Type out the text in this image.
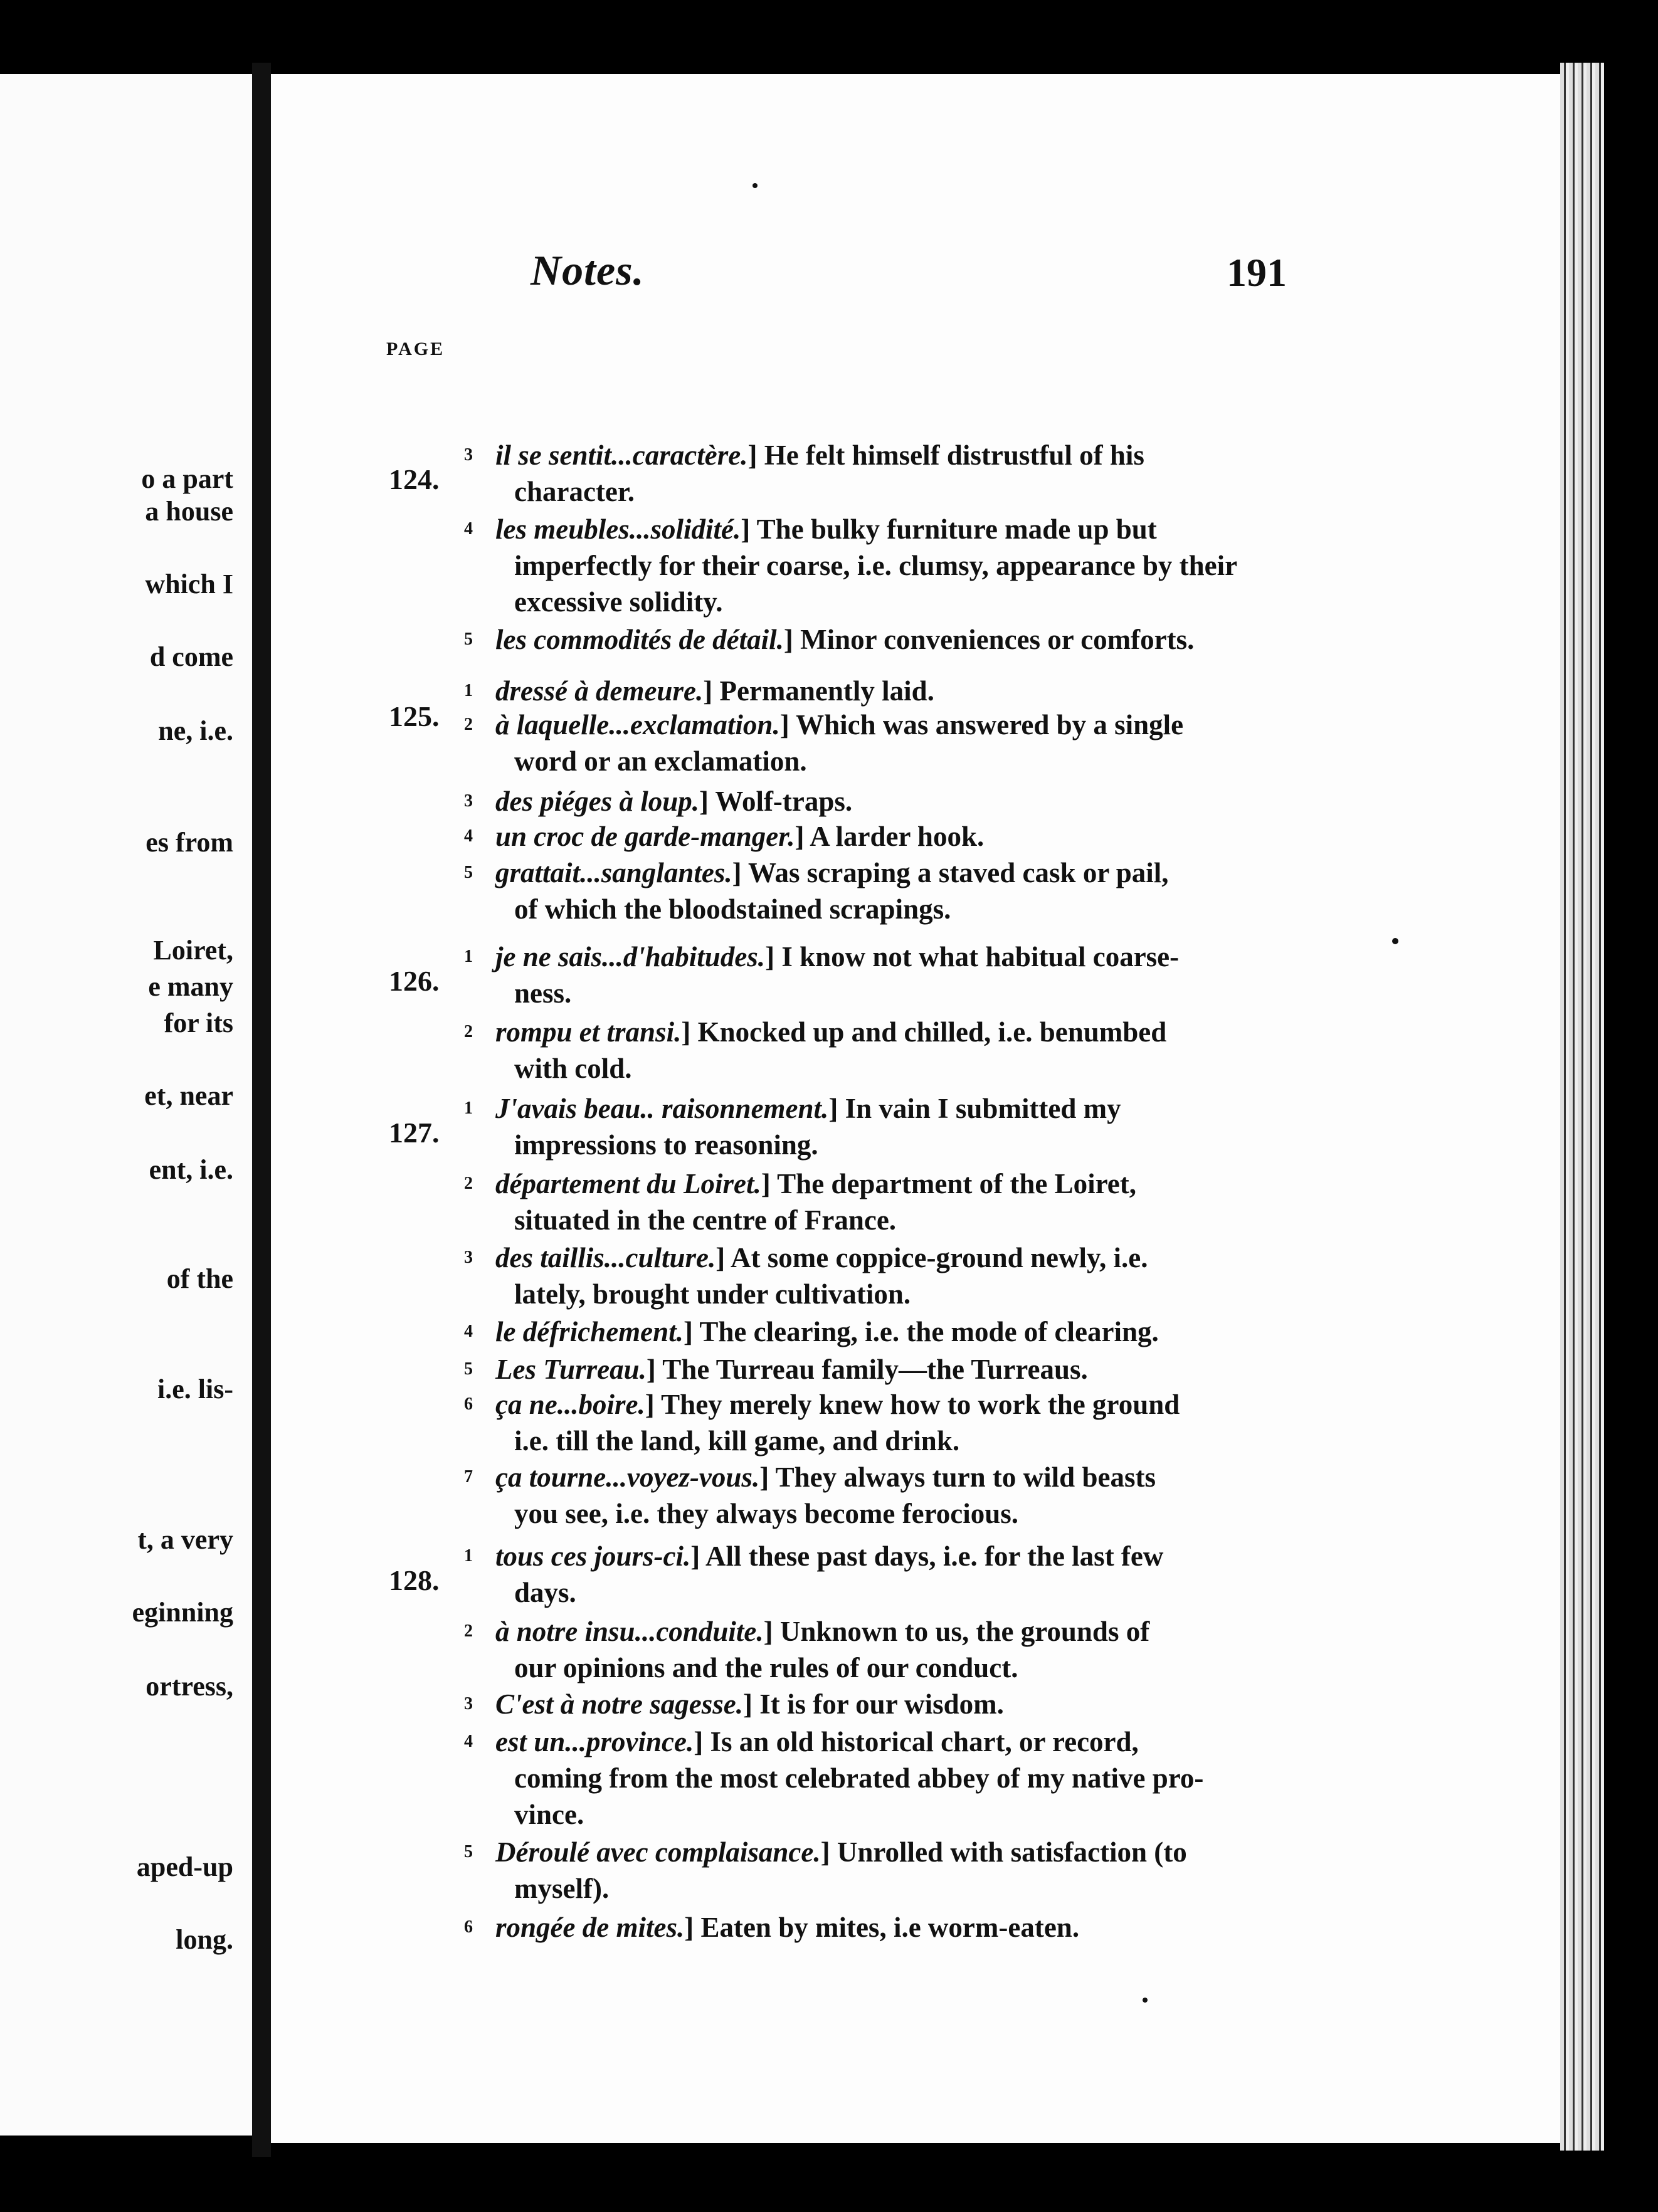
o a part
a house
which I
d come
ne, i.e.
es from
Loiret,
e many
for its
et, near
ent, i.e.
of the
i.e. lis-
t, a very
eginning
ortress,
aped-up
long.
Notes.	191
PAGE
124.
3 il se sentit...caractère.] He felt himself distrustful of his
character.
4 les meubles...solidité.] The bulky furniture made up but
imperfectly for their coarse, i.e. clumsy, appearance by their
excessive solidity.
5 les commodités de détail.] Minor conveniences or comforts.
125.
1 dressé à demeure.] Permanently laid.
2 à laquelle...exclamation.] Which was answered by a single
word or an exclamation.
3 des piéges à loup.] Wolf-traps.
4 un croc de garde-manger.] A larder hook.
5 grattait...sanglantes.] Was scraping a staved cask or pail,
of which the bloodstained scrapings.
126.
1 je ne sais...d'habitudes.] I know not what habitual coarse-
ness.
2 rompu et transi.] Knocked up and chilled, i.e. benumbed
with cold.
127.
1 J'avais beau.. raisonnement.] In vain I submitted my
impressions to reasoning.
2 département du Loiret.] The department of the Loiret,
situated in the centre of France.
3 des taillis...culture.] At some coppice-ground newly, i.e.
lately, brought under cultivation.
4 le défrichement.] The clearing, i.e. the mode of clearing.
5 Les Turreau.] The Turreau family—the Turreaus.
6 ça ne...boire.] They merely knew how to work the ground
i.e. till the land, kill game, and drink.
7 ça tourne...voyez-vous.] They always turn to wild beasts
you see, i.e. they always become ferocious.
128.
1 tous ces jours-ci.] All these past days, i.e. for the last few
days.
2 à notre insu...conduite.] Unknown to us, the grounds of
our opinions and the rules of our conduct.
3 C'est à notre sagesse.] It is for our wisdom.
4 est un...province.] Is an old historical chart, or record,
coming from the most celebrated abbey of my native pro-
vince.
5 Déroulé avec complaisance.] Unrolled with satisfaction (to
myself).
6 rongée de mites.] Eaten by mites, i.e worm-eaten.
